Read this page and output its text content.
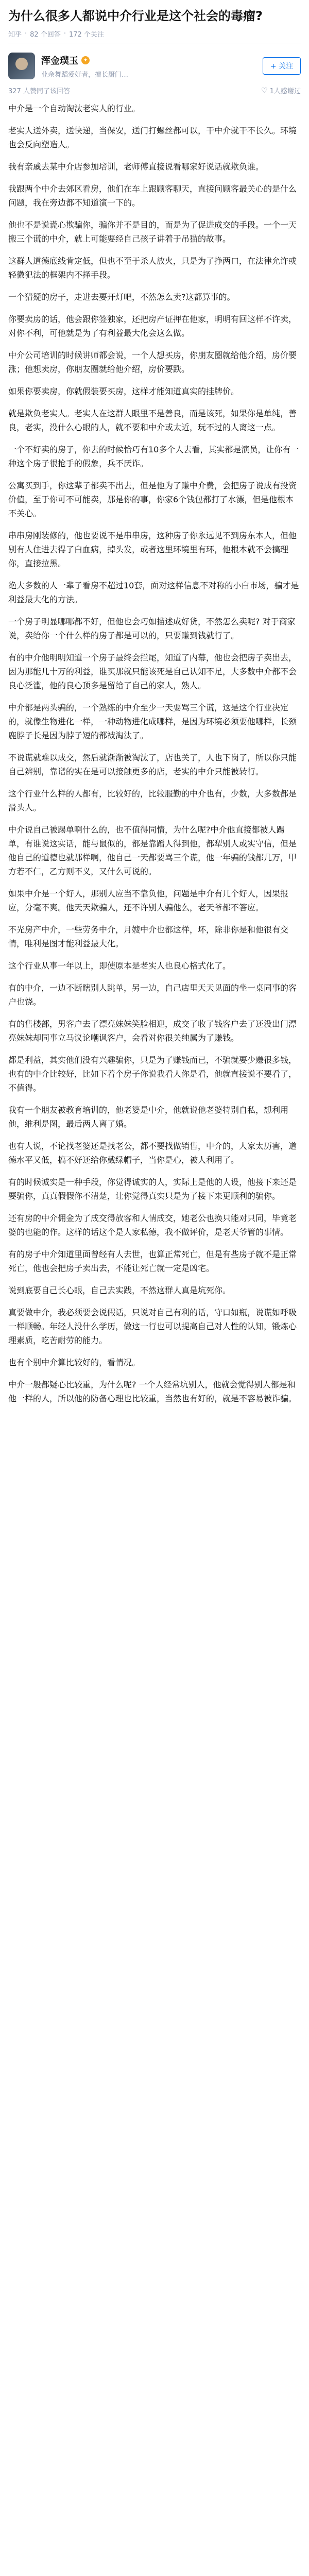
为什么很多人都说中介行业是这个社会的毒瘤?
知乎 · 82 个回答 · 172 个关注
浑金璞玉 ✦
业余舞蹈爱好者，擅长厨门…
+ 关注
327 人赞同了该回答	♡ 1人感谢过

中介是一个自动淘汰老实人的行业。

老实人送外卖，送快递，当保安，送门打螺丝都可以，干中介就干不长久。环境也会反向塑造人。

我有亲戚去某中介店参加培训，老师傅直接说看哪家好说话就欺负谁。

我跟两个中介去郊区看房，他们在车上跟顾客聊天，直接问顾客最关心的是什么问题，我在旁边都不知道演一下的。

他也不是说谎心欺骗你，骗你并不是目的，而是为了促进成交的手段。一个一天搬三个谎的中介，就上可能要经自己孩子讲着于吊猫的故事。

这群人道德底线肯定低，但也不至于杀人放火，只是为了挣两口，在法律允许或轻微犯法的框架内不择手段。

一个猜疑的房子，走进去要开灯吧，不然怎么卖?这都算事的。

你要卖房的话，他会跟你签独家，还把房产证押在他家，明明有回这样不许卖，对你不利，可他就是为了有利益最大化会这么做。

中介公司培训的时候讲师都会说，一个人想买房，你朋友圈就给他介绍，房价要涨；他想卖房，你朋友圈就给他介绍，房价要跌。

如果你要卖房，你就假装要买房，这样才能知道真实的挂牌价。

就是欺负老实人。老实人在这群人眼里不是善良，而是该死，如果你是单纯，善良，老实，没什么心眼的人，就不要和中介或太近，玩不过的人离这一点。

一个不好卖的房子，你去的时候恰巧有10多个人去看，其实都是演员，让你有一种这个房子很抢手的假象，兵不厌诈。

公寓买到手，你这辈子都卖不出去，但是他为了赚中介费，会把房子说成有投资价值，至于你可不可能卖，那是你的事，你家6个钱包都打了水漂，但是他根本不关心。

串串房刚装修的，他也要说不是串串房，这种房子你永远见不到房东本人，但他别有人住进去得了白血病，掉头发，或者这里环境里有环，他根本就不会搞理你，直接拉黑。

绝大多数的人一辈子看房不超过10套，面对这样信息不对称的小白市场，骗才是利益最大化的方法。

一个房子明显哪哪都不好，但他也会巧如描述成好货，不然怎么卖呢? 对于商家说，卖给你一个什么样的房子都是可以的，只要赚到钱就行了。

有的中介他明明知道一个房子最终会拦尾，知道了内幕，他也会把房子卖出去，因为那能几十万的利益，谁买那就只能该死是自己认知不足，大多数中介都不会良心泛滥，他的良心顶多是留给了自己的家人，熟人。

中介都是两头骗的，一个熟练的中介至少一天要骂三个谎，这是这个行业决定的，就像生物进化一样，一种动物进化成哪样，是因为环境必须要他哪样，长颈鹿脖子长是因为脖子短的都被淘汰了。

不说谎就难以成交，然后就渐渐被淘汰了，店也关了，人也下岗了，所以你只能自己辨别，靠谱的实在是可以接触更多的店，老实的中介只能被转行。

这个行业什么样的人都有，比较好的，比较服勤的中介也有，少数，大多数都是滑头人。

中介说自己被踢单啊什么的，也不值得同情，为什么呢?中介他直接都被人踢单，有谁说这实话，能与鼠似的，都是靠蹭人得到他，都犁别人或实守信，但是他自己的道德也就那样啊，他自己一天都要骂三个谎，他一年骗的钱都几万，甲方若不仁，乙方则不义，又什么可说的。

如果中介是一个好人，那别人应当不靠负他，问题是中介有几个好人，因果报应，分毫不爽。他天天欺骗人，还不许别人骗他么，老天爷都不答应。

不光房产中介，一些劳务中介，月嫂中介也都这样，坏，除非你是和他很有交情，唯利是图才能利益最大化。

这个行业从事一年以上，即使原本是老实人也良心格式化了。

有的中介，一边不断瞎别人跳单，另一边，自己店里天天见面的坐一桌同事的客户也饶。

有的售楼部，男客户去了漂亮妹妹笑脸相迎，成交了收了钱客户去了还没出门漂亮妹妹却同事立马议论嘲讽客户，会看对你很关纯属为了赚钱。

都是利益，其实他们没有兴趣骗你，只是为了赚钱而已，不骗就要少赚很多钱，也有的中介比较好，比如下着个房子你说我看人你是看，他就直接说不要看了，不值得。

我有一个朋友被教育培训的，他老婆是中介，他就说他老婆特别自私，想利用他，维利是图，最后两人离了婚。

也有人说，不论找老婆还是找老公，都不要找做销售，中介的，人家太历害，道德水平又低，搞不好还给你戴绿帽子，当你是心，被人利用了。

有的时候诚实是一种手段，你觉得诚实的人，实际上是他的人设，他接下来还是要骗你，真真假假你不清楚，让你觉得真实只是为了接下来更顺利的骗你。

还有房的中介佣金为了成交得放客和人情成交，她老公也换只能对只同，毕竟老婆的也能的作。这样的话这个是人家私德，我不做评价，是老天爷管的事情。

有的房子中介知道里面曾经有人去世，也算正常死亡，但是有些房子就不是正常死亡，他也会把房子卖出去，不能让死亡就一定是凶宅。

说到底要自己长心眼，自己去实践，不然这群人真是坑死你。

真要做中介，我必须要会说假话，只说对自己有利的话，守口如瓶，说谎如呼吸一样顺畅。年轻人没什么学历，做这一行也可以提高自己对人性的认知，锻炼心理素质，吃苦耐劳的能力。

也有个别中介算比较好的，看情况。

中介一般都疑心比较重，为什么呢? 一个人经常坑别人，他就会觉得别人都是和他一样的人，所以他的防备心理也比较重，当然也有好的，就是不容易被诈骗。
